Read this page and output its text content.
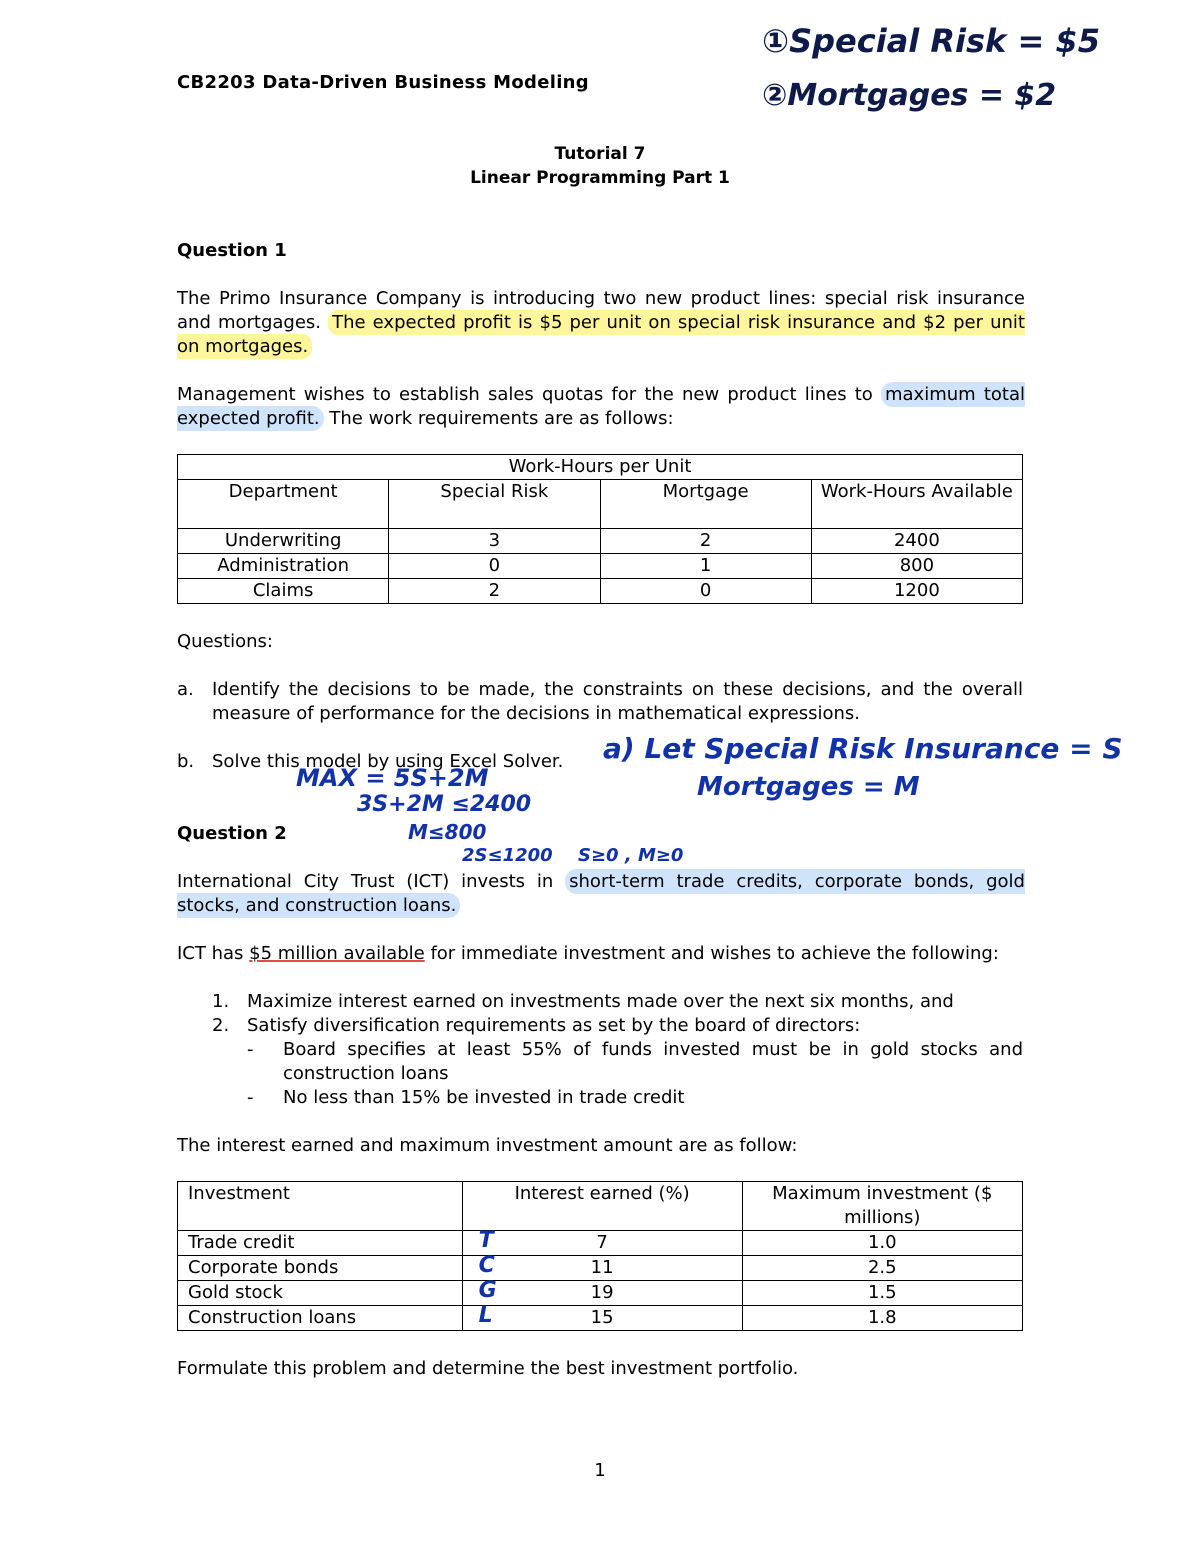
CB2203 Data-Driven Business Modeling
①Special Risk = $5
②Mortgages = $2
Tutorial 7
Linear Programming Part 1
Question 1
The Primo Insurance Company is introducing two new product lines: special risk insurance and mortgages. The expected profit is $5 per unit on special risk insurance and $2 per unit on mortgages.
Management wishes to establish sales quotas for the new product lines to maximum total expected profit. The work requirements are as follows:
	Work-Hours per Unit		
Department	Special Risk	Mortgage	Work-Hours Available
Underwriting	3	2	2400
Administration	0	1	800
Claims	2	0	1200
Questions:
a. Identify the decisions to be made, the constraints on these decisions, and the overall measure of performance for the decisions in mathematical expressions.
b. Solve this model by using Excel Solver. a) Let Special Risk Insurance = S
Mortgages = M
MAX = 5S+2M
3S+2M ≤2400
M≤800
2S≤1200 S≥0 , M≥0
Question 2
International City Trust (ICT) invests in short-term trade credits, corporate bonds, gold stocks, and construction loans.
ICT has $5 million available for immediate investment and wishes to achieve the following:
1. Maximize interest earned on investments made over the next six months, and
2. Satisfy diversification requirements as set by the board of directors:
- Board specifies at least 55% of funds invested must be in gold stocks and construction loans
- No less than 15% be invested in trade credit
The interest earned and maximum investment amount are as follow:
Investment	Interest earned (%)	Maximum investment ($ millions)
Trade credit	T 7	1.0
Corporate bonds	C 11	2.5
Gold stock	G 19	1.5
Construction loans	L 15	1.8
Formulate this problem and determine the best investment portfolio.
1
